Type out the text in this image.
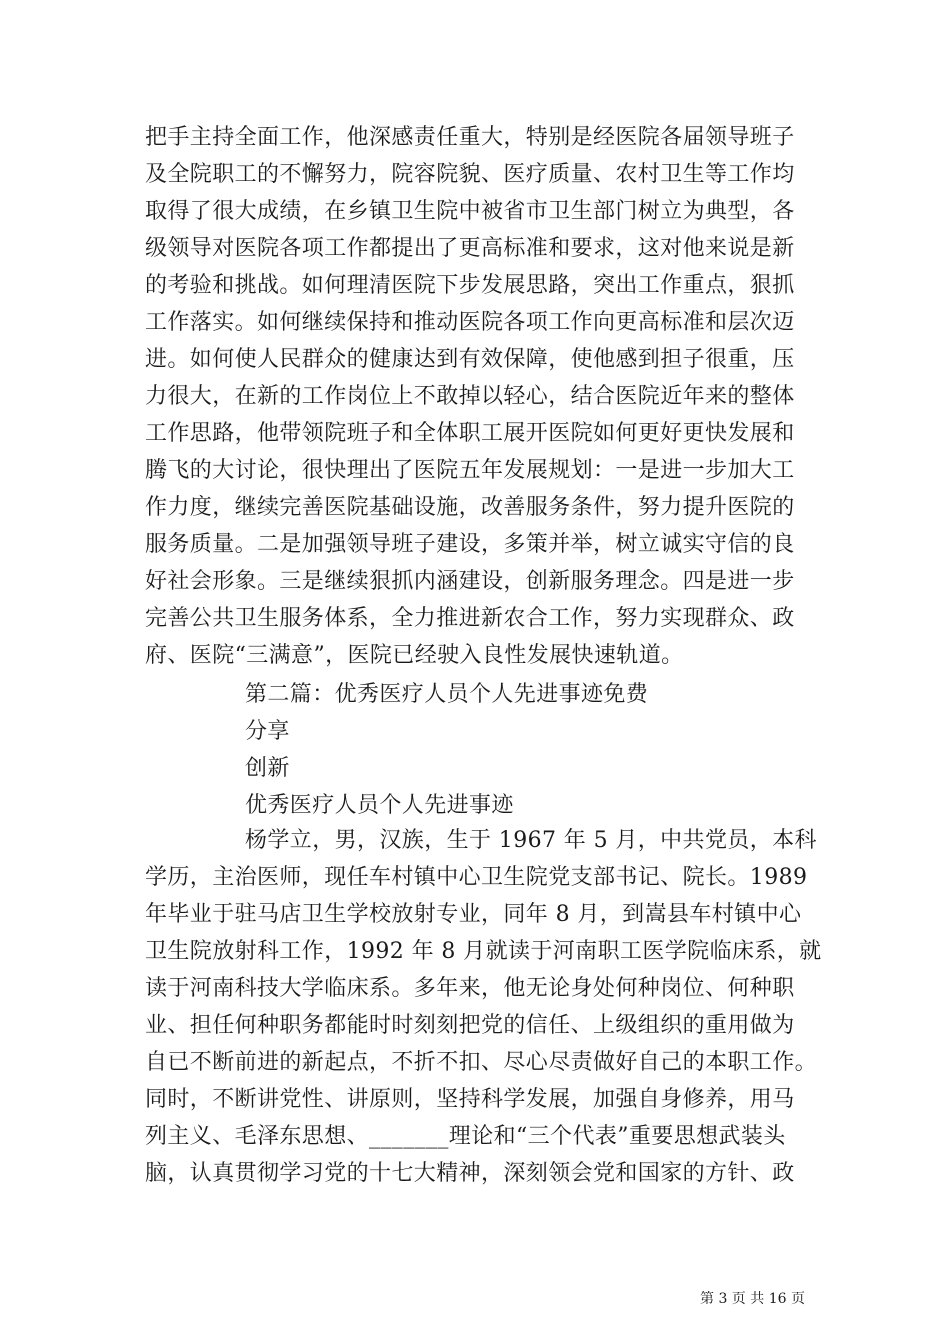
把手主持全面工作，他深感责任重大，特别是经医院各届领导班子
及全院职工的不懈努力，院容院貌、医疗质量、农村卫生等工作均
取得了很大成绩，在乡镇卫生院中被省市卫生部门树立为典型，各
级领导对医院各项工作都提出了更高标准和要求，这对他来说是新
的考验和挑战。如何理清医院下步发展思路，突出工作重点，狠抓
工作落实。如何继续保持和推动医院各项工作向更高标准和层次迈
进。如何使人民群众的健康达到有效保障，使他感到担子很重，压
力很大，在新的工作岗位上不敢掉以轻心，结合医院近年来的整体
工作思路，他带领院班子和全体职工展开医院如何更好更快发展和
腾飞的大讨论，很快理出了医院五年发展规划：一是进一步加大工
作力度，继续完善医院基础设施，改善服务条件，努力提升医院的
服务质量。二是加强领导班子建设，多策并举，树立诚实守信的良
好社会形象。三是继续狠抓内涵建设，创新服务理念。四是进一步
完善公共卫生服务体系，全力推进新农合工作，努力实现群众、政
府、医院“三满意”，医院已经驶入良性发展快速轨道。
第二篇：优秀医疗人员个人先进事迹免费
分享
创新
优秀医疗人员个人先进事迹
杨学立，男，汉族，生于 1967 年 5 月，中共党员，本科
学历，主治医师，现任车村镇中心卫生院党支部书记、院长。1989
年毕业于驻马店卫生学校放射专业，同年 8 月，到嵩县车村镇中心
卫生院放射科工作，1992 年 8 月就读于河南职工医学院临床系，就
读于河南科技大学临床系。多年来，他无论身处何种岗位、何种职
业、担任何种职务都能时时刻刻把党的信任、上级组织的重用做为
自已不断前进的新起点，不折不扣、尽心尽责做好自己的本职工作。
同时，不断讲党性、讲原则，坚持科学发展，加强自身修养，用马
列主义、毛泽东思想、_______理论和“三个代表”重要思想武装头
脑，认真贯彻学习党的十七大精神，深刻领会党和国家的方针、政
第 3 页 共 16 页
